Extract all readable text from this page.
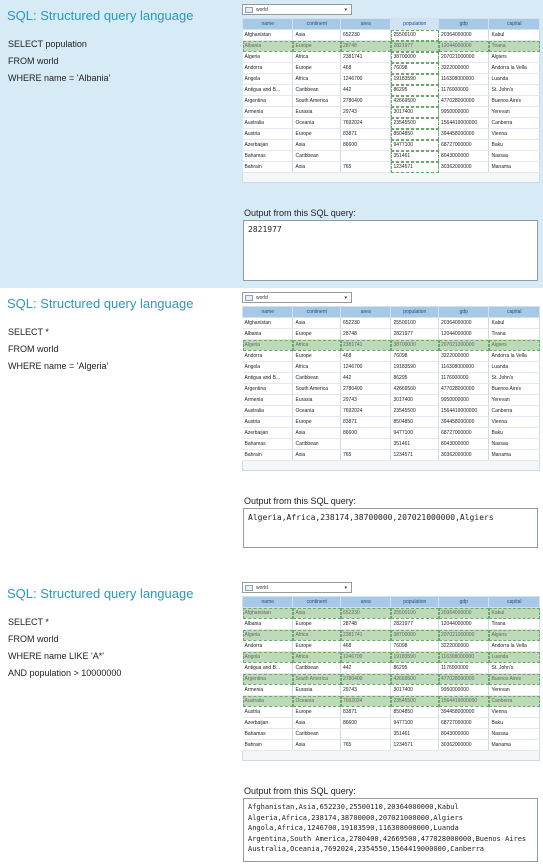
SQL: Structured query language
SELECT population
FROM world
WHERE name = 'Albania'
world	▾
name	continent	area	population	gdp	capital
Afghanistan	Asia	652230	25500100	20364000000	Kabul
Albania	Europe	28748	2821977	12044000000	Tirana
Algeria	Africa	2381741	38700000	207021000000	Algiers
Andorra	Europe	468	76098	3222000000	Andorra la Vella
Angola	Africa	1246700	19183590	116308000000	Luanda
Antigua and B...	Caribbean	442	86295	1176000000	St. John's
Argentina	South America	2780400	42669500	477028000000	Buenos Aires
Armenia	Eurasia	29743	3017400	9950000000	Yerevan
Australia	Oceania	7692024	23545500	1564419000000	Canberra
Austria	Europe	83871	8504850	394458000000	Vienna
Azerbaijan	Asia	86600	9477100	68727000000	Baku
Bahamas	Caribbean		351461	8043000000	Nassau
Bahrain	Asia	765	1234571	30362000000	Manama
Output from this SQL query:
2821977
SQL: Structured query language
SELECT *
FROM world
WHERE name = 'Algeria'
world	▾
name	continent	area	population	gdp	capital
Afghanistan	Asia	652230	25500100	20364000000	Kabul
Albania	Europe	28748	2821977	12044000000	Tirana
Algeria	Africa	2381741	38700000	207021000000	Algiers
Andorra	Europe	468	76098	3222000000	Andorra la Vella
Angola	Africa	1246700	19183590	116308000000	Luanda
Antigua and B...	Caribbean	442	86295	1176000000	St. John's
Argentina	South America	2780400	42669500	477028000000	Buenos Aires
Armenia	Eurasia	29743	3017400	9950000000	Yerevan
Australia	Oceania	7692024	23545500	1564419000000	Canberra
Austria	Europe	83871	8504850	394458000000	Vienna
Azerbaijan	Asia	86600	9477100	68727000000	Baku
Bahamas	Caribbean		351461	8043000000	Nassau
Bahrain	Asia	765	1234571	30362000000	Manama
Output from this SQL query:
Algeria,Africa,238174,38700000,207021000000,Algiers
SQL: Structured query language
SELECT *
FROM world
WHERE name LIKE 'A*'
AND population > 10000000
world	▾
name	continent	area	population	gdp	capital
Afghanistan	Asia	652230	25500100	20364000000	Kabul
Albania	Europe	28748	2821977	12044000000	Tirana
Algeria	Africa	2381741	38700000	207021000000	Algiers
Andorra	Europe	468	76098	3222000000	Andorra la Vella
Angola	Africa	1246700	19183590	116308000000	Luanda
Antigua and B...	Caribbean	442	86295	1176000000	St. John's
Argentina	South America	2780400	42669500	477028000000	Buenos Aires
Armenia	Eurasia	29743	3017400	9950000000	Yerevan
Australia	Oceania	7692024	23545500	1564419000000	Canberra
Austria	Europe	83871	8504850	394458000000	Vienna
Azerbaijan	Asia	86600	9477100	68727000000	Baku
Bahamas	Caribbean		351461	8043000000	Nassau
Bahrain	Asia	765	1234571	30362000000	Manama
Output from this SQL query:
Afghanistan,Asia,652230,25500110,20364000000,Kabul
Algeria,Africa,238174,38700000,207021000000,Algiers
Angola,Africa,1246700,19183590,116308000000,Luanda
Argentina,South America,2780400,42669500,477028000000,Buenos Aires
Australia,Oceania,7692024,2354550,1564419000000,Canberra
